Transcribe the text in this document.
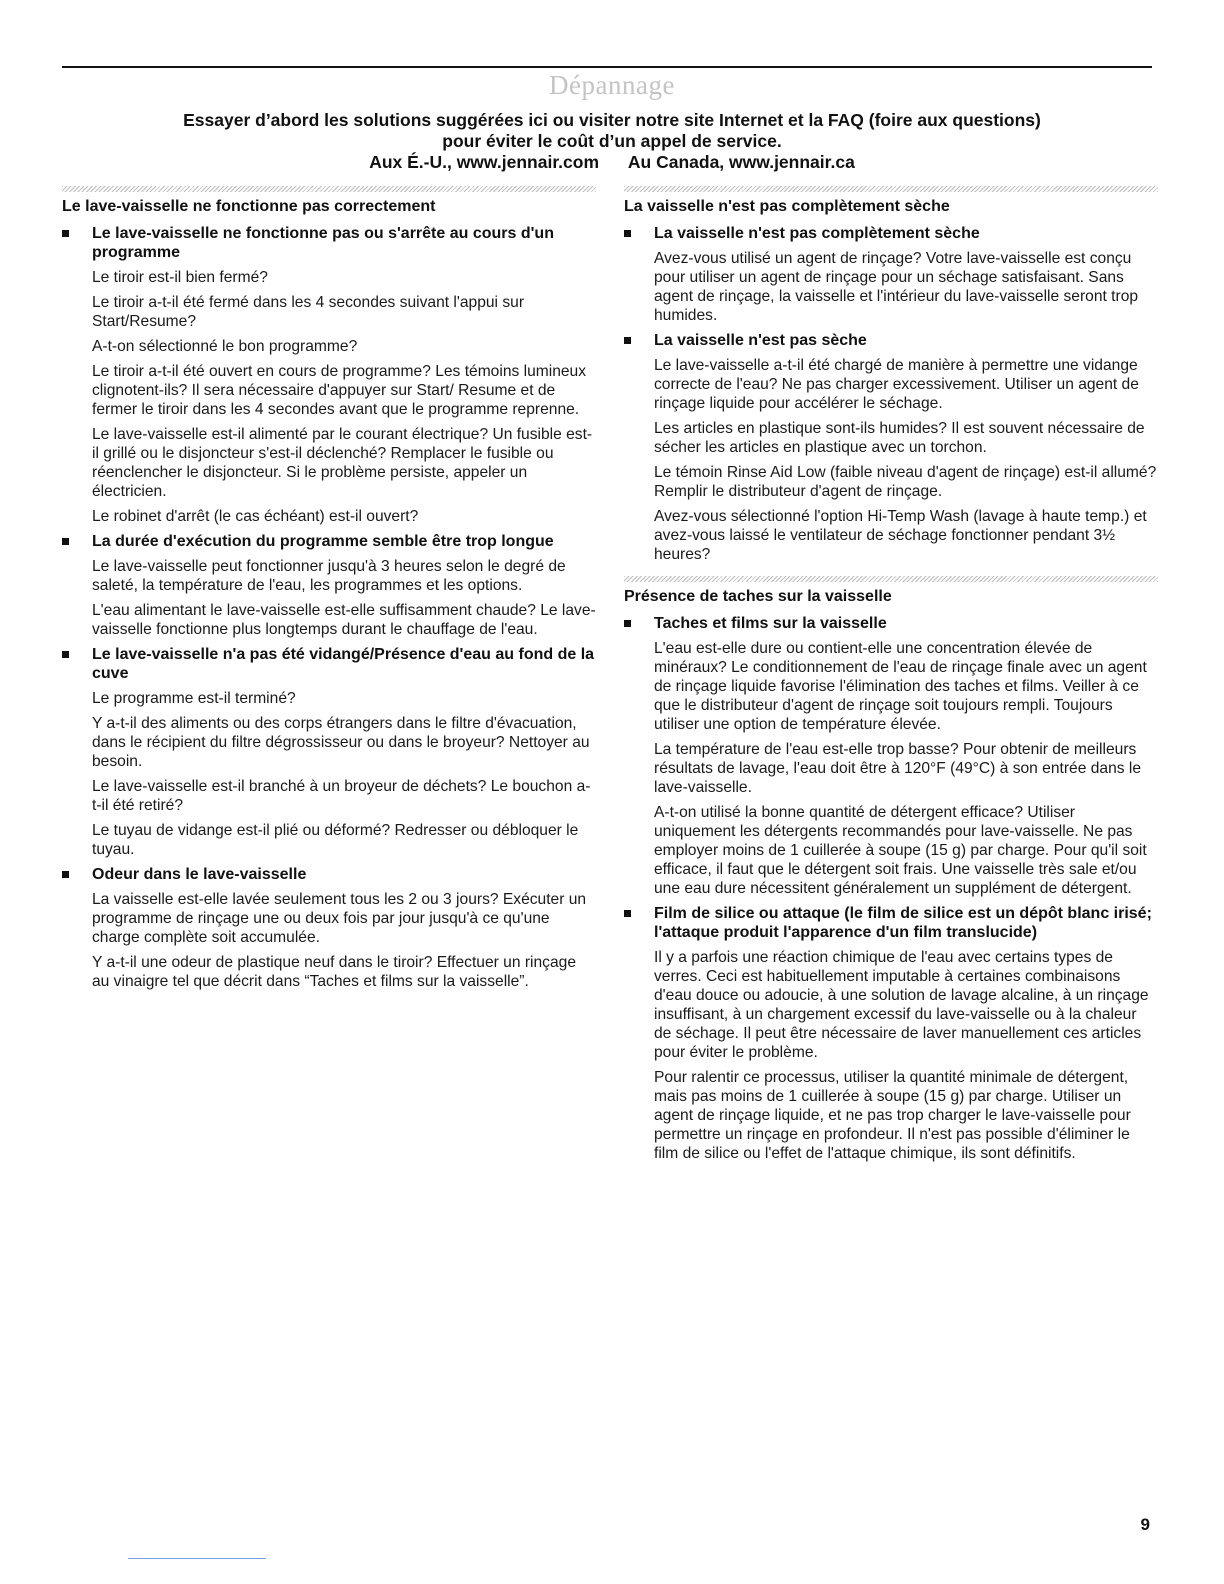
Dépannage
Essayer d’abord les solutions suggérées ici ou visiter notre site Internet et la FAQ (foire aux questions)
pour éviter le coût d’un appel de service.
Aux É.-U., www.jennair.com Au Canada, www.jennair.ca
Le lave-vaisselle ne fonctionne pas correctement
Le lave-vaisselle ne fonctionne pas ou s'arrête au cours d'un programme

Le tiroir est-il bien fermé?

Le tiroir a-t-il été fermé dans les 4 secondes suivant l'appui sur Start/Resume?

A-t-on sélectionné le bon programme?

Le tiroir a-t-il été ouvert en cours de programme? Les témoins lumineux clignotent-ils? Il sera nécessaire d'appuyer sur Start/ Resume et de fermer le tiroir dans les 4 secondes avant que le programme reprenne.

Le lave-vaisselle est-il alimenté par le courant électrique? Un fusible est-il grillé ou le disjoncteur s'est-il déclenché? Remplacer le fusible ou réenclencher le disjoncteur. Si le problème persiste, appeler un électricien.

Le robinet d'arrêt (le cas échéant) est-il ouvert?

La durée d'exécution du programme semble être trop longue

Le lave-vaisselle peut fonctionner jusqu'à 3 heures selon le degré de saleté, la température de l'eau, les programmes et les options.

L'eau alimentant le lave-vaisselle est-elle suffisamment chaude? Le lave-vaisselle fonctionne plus longtemps durant le chauffage de l'eau.

Le lave-vaisselle n'a pas été vidangé/Présence d'eau au fond de la cuve

Le programme est-il terminé?

Y a-t-il des aliments ou des corps étrangers dans le filtre d'évacuation, dans le récipient du filtre dégrossisseur ou dans le broyeur? Nettoyer au besoin.

Le lave-vaisselle est-il branché à un broyeur de déchets? Le bouchon a-t-il été retiré?

Le tuyau de vidange est-il plié ou déformé? Redresser ou débloquer le tuyau.

Odeur dans le lave-vaisselle

La vaisselle est-elle lavée seulement tous les 2 ou 3 jours? Exécuter un programme de rinçage une ou deux fois par jour jusqu'à ce qu'une charge complète soit accumulée.

Y a-t-il une odeur de plastique neuf dans le tiroir? Effectuer un rinçage au vinaigre tel que décrit dans “Taches et films sur la vaisselle”.

La vaisselle n'est pas complètement sèche
La vaisselle n'est pas complètement sèche

Avez-vous utilisé un agent de rinçage? Votre lave-vaisselle est conçu pour utiliser un agent de rinçage pour un séchage satisfaisant. Sans agent de rinçage, la vaisselle et l'intérieur du lave-vaisselle seront trop humides.

La vaisselle n'est pas sèche

Le lave-vaisselle a-t-il été chargé de manière à permettre une vidange correcte de l'eau? Ne pas charger excessivement. Utiliser un agent de rinçage liquide pour accélérer le séchage.

Les articles en plastique sont-ils humides? Il est souvent nécessaire de sécher les articles en plastique avec un torchon.

Le témoin Rinse Aid Low (faible niveau d'agent de rinçage) est-il allumé? Remplir le distributeur d'agent de rinçage.

Avez-vous sélectionné l'option Hi-Temp Wash (lavage à haute temp.) et avez-vous laissé le ventilateur de séchage fonctionner pendant 3½ heures?

Présence de taches sur la vaisselle
Taches et films sur la vaisselle

L'eau est-elle dure ou contient-elle une concentration élevée de minéraux? Le conditionnement de l'eau de rinçage finale avec un agent de rinçage liquide favorise l'élimination des taches et films. Veiller à ce que le distributeur d'agent de rinçage soit toujours rempli. Toujours utiliser une option de température élevée.

La température de l'eau est-elle trop basse? Pour obtenir de meilleurs résultats de lavage, l'eau doit être à 120°F (49°C) à son entrée dans le lave-vaisselle.

A-t-on utilisé la bonne quantité de détergent efficace? Utiliser uniquement les détergents recommandés pour lave-vaisselle. Ne pas employer moins de 1 cuillerée à soupe (15 g) par charge. Pour qu'il soit efficace, il faut que le détergent soit frais. Une vaisselle très sale et/ou une eau dure nécessitent généralement un supplément de détergent.

Film de silice ou attaque (le film de silice est un dépôt blanc irisé; l'attaque produit l'apparence d'un film translucide)

Il y a parfois une réaction chimique de l'eau avec certains types de verres. Ceci est habituellement imputable à certaines combinaisons d'eau douce ou adoucie, à une solution de lavage alcaline, à un rinçage insuffisant, à un chargement excessif du lave-vaisselle ou à la chaleur de séchage. Il peut être nécessaire de laver manuellement ces articles pour éviter le problème.

Pour ralentir ce processus, utiliser la quantité minimale de détergent, mais pas moins de 1 cuillerée à soupe (15 g) par charge. Utiliser un agent de rinçage liquide, et ne pas trop charger le lave-vaisselle pour permettre un rinçage en profondeur. Il n'est pas possible d'éliminer le film de silice ou l'effet de l'attaque chimique, ils sont définitifs.

9
